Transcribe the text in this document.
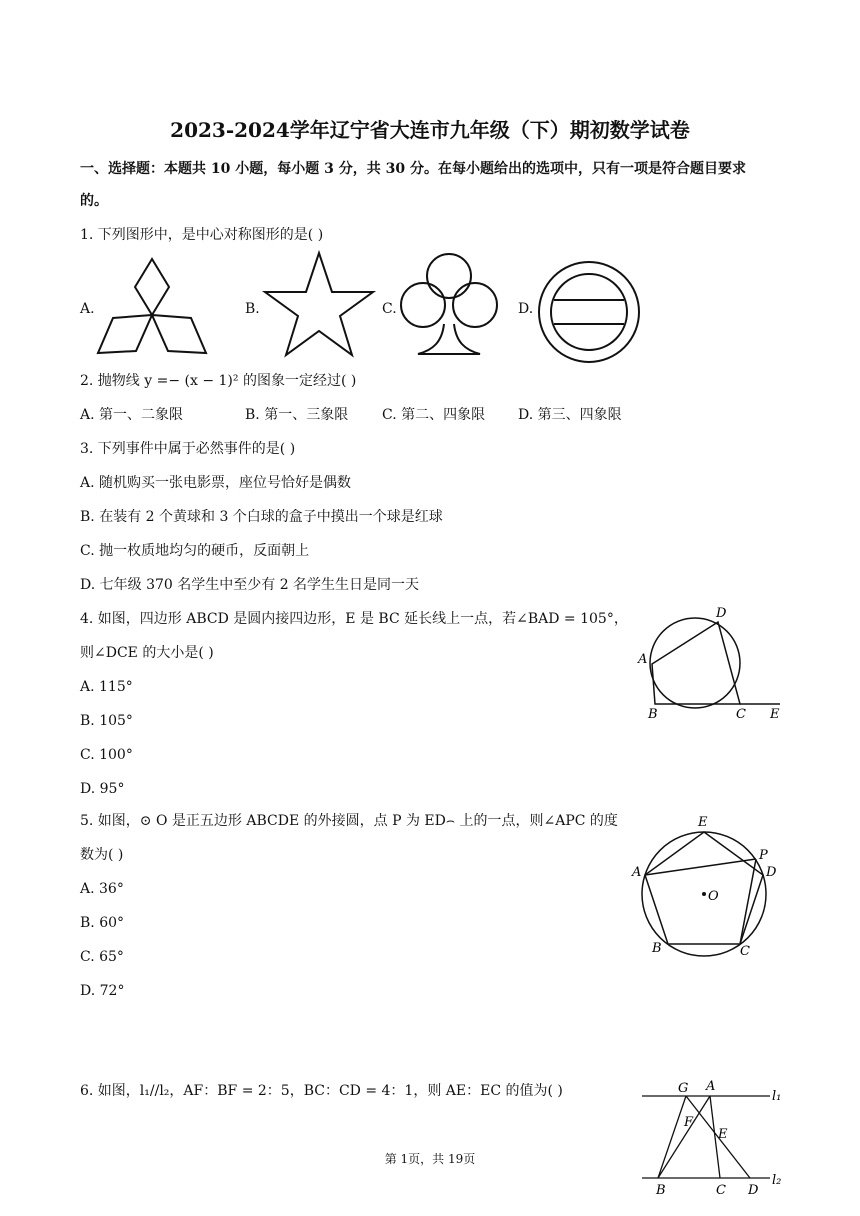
2023-2024学年辽宁省大连市九年级（下）期初数学试卷
一、选择题：本题共 10 小题，每小题 3 分，共 30 分。在每小题给出的选项中，只有一项是符合题目要求
的。
1. 下列图形中，是中心对称图形的是( )
A.	B.	C.	D.
2. 抛物线 y =− (x − 1)² 的图象一定经过( )
A. 第一、二象限	B. 第一、三象限 C. 第二、四象限 D. 第三、四象限
3. 下列事件中属于必然事件的是( )
A. 随机购买一张电影票，座位号恰好是偶数
B. 在装有 2 个黄球和 3 个白球的盒子中摸出一个球是红球
C. 抛一枚质地均匀的硬币，反面朝上
D. 七年级 370 名学生中至少有 2 名学生生日是同一天
4. 如图，四边形 ABCD 是圆内接四边形，E 是 BC 延长线上一点，若∠BAD = 105°，
则∠DCE 的大小是( )
A. 115°
B. 105°
C. 100°
D. 95°
A
B	C
D
E
5. 如图，⊙ O 是正五边形 ABCDE 的外接圆，点 P 为 ED⌢ 上的一点，则∠APC 的度
数为( )
A. 36°
B. 60°
C. 65°
D. 72°
A
B	C
D
E
P
O
6. 如图，l₁//l₂，AF：BF = 2：5，BC：CD = 4：1，则 AE：EC 的值为( )	G A
F
E
B	C D
l₁
l₂
第 1页，共 19页
